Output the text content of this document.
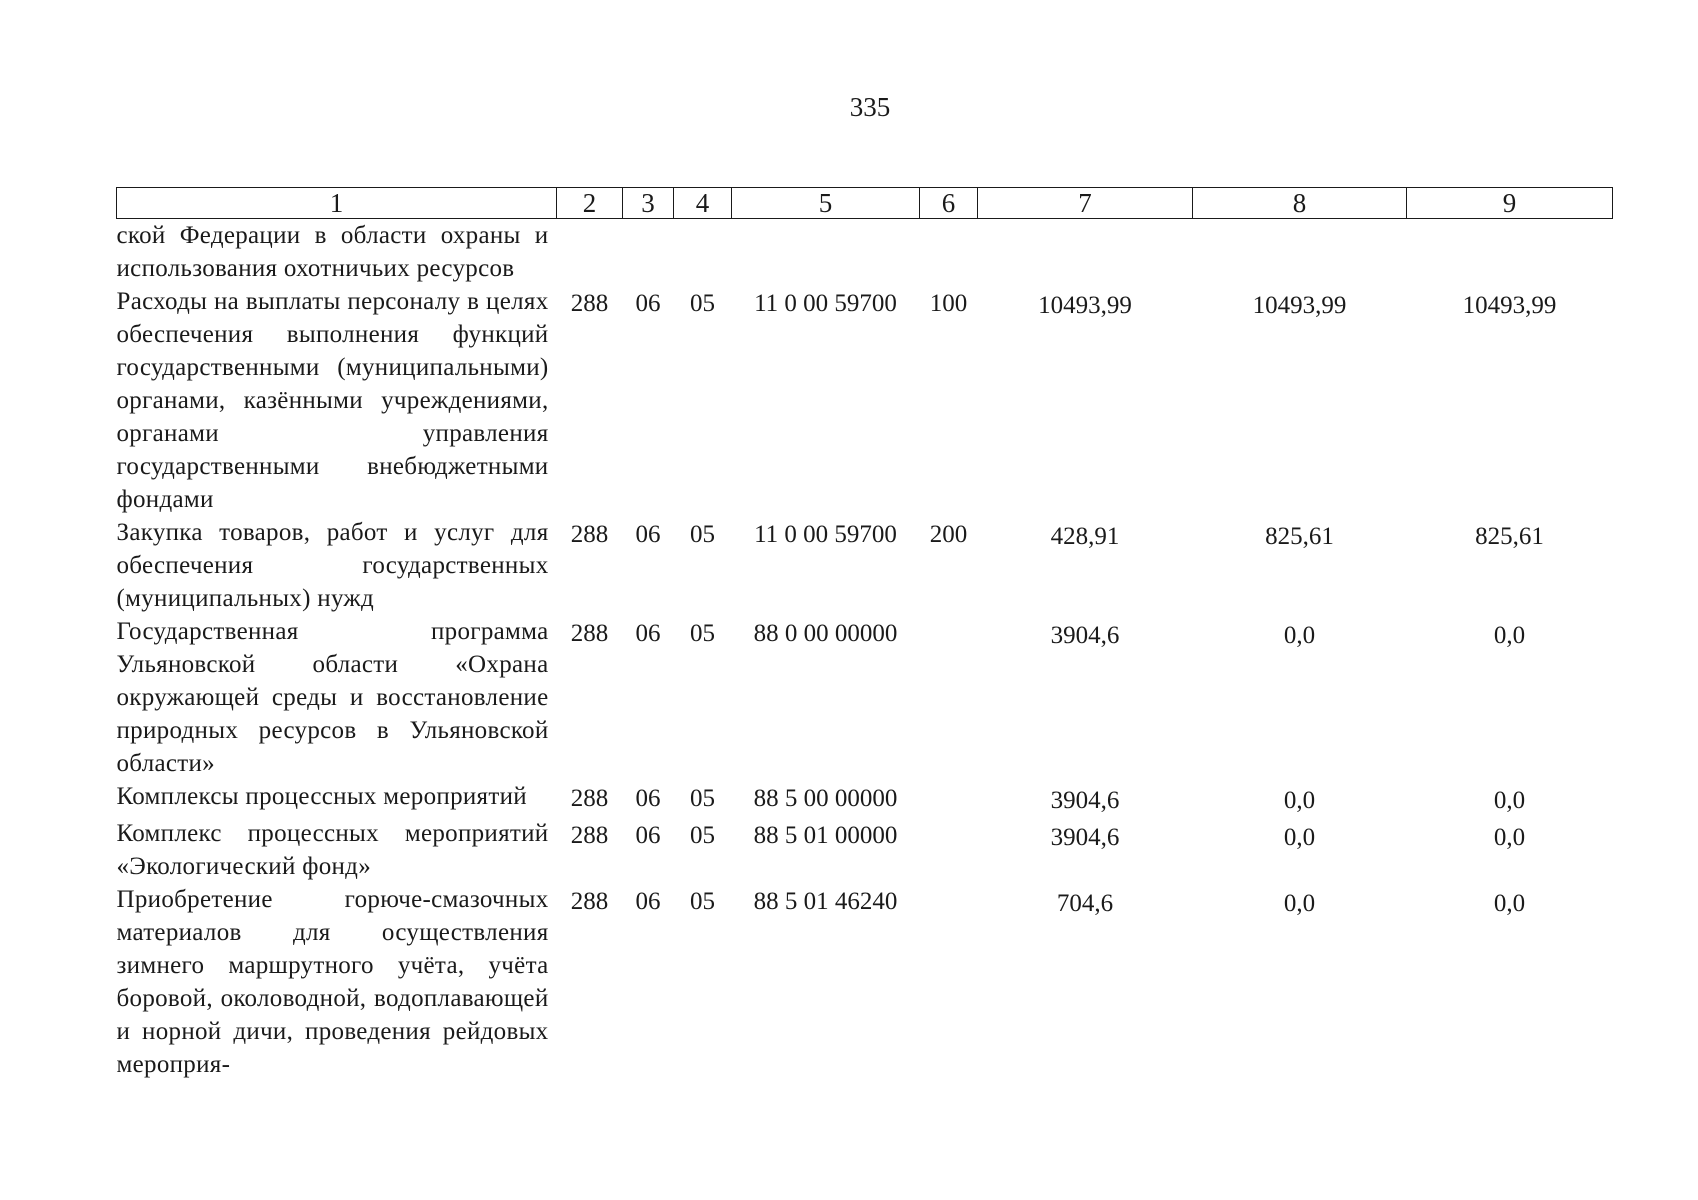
335
1	2	3	4	5	6	7	8	9
ской Федерации в области охраны и использования охотничьих ресурсов								
Расходы на выплаты персоналу в целях обеспечения выполнения функций государственными (муниципальными) органами, казёнными учреждениями, органами управления государственными внебюджетными фондами	288	06	05	11 0 00 59700	100	10493,99	10493,99	10493,99
Закупка товаров, работ и услуг для обеспечения государственных (муниципальных) нужд	288	06	05	11 0 00 59700	200	428,91	825,61	825,61
Государственная программа Ульяновской области «Охрана окружающей среды и восстановление природных ресурсов в Ульяновской области»	288	06	05	88 0 00 00000		3904,6	0,0	0,0
Комплексы процессных мероприятий	288	06	05	88 5 00 00000		3904,6	0,0	0,0
Комплекс процессных мероприятий «Экологический фонд»	288	06	05	88 5 01 00000		3904,6	0,0	0,0
Приобретение горюче-смазочных материалов для осуществления зимнего маршрутного учёта, учёта боровой, околоводной, водоплавающей и норной дичи, проведения рейдовых мероприя-	288	06	05	88 5 01 46240		704,6	0,0	0,0
